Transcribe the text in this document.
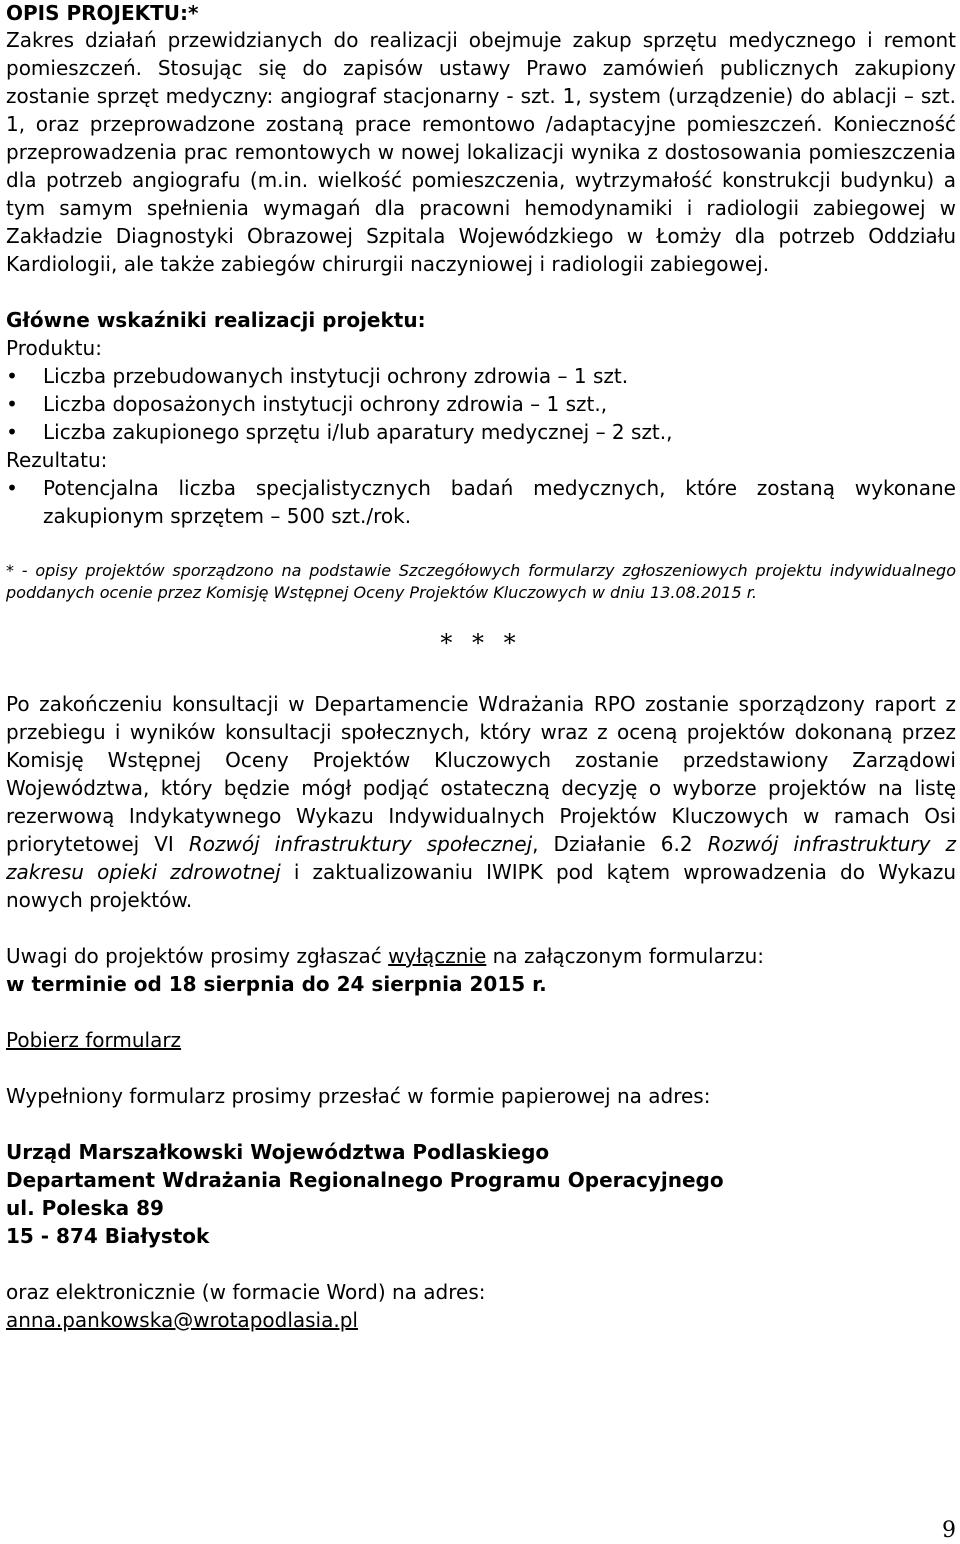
OPIS PROJEKTU:*

Zakres działań przewidzianych do realizacji obejmuje zakup sprzętu medycznego i remont pomieszczeń. Stosując się do zapisów ustawy Prawo zamówień publicznych zakupiony zostanie sprzęt medyczny: angiograf stacjonarny - szt. 1, system (urządzenie) do ablacji – szt. 1, oraz przeprowadzone zostaną prace remontowo /adaptacyjne pomieszczeń. Konieczność przeprowadzenia prac remontowych w nowej lokalizacji wynika z dostosowania pomieszczenia dla potrzeb angiografu (m.in. wielkość pomieszczenia, wytrzymałość konstrukcji budynku) a tym samym spełnienia wymagań dla pracowni hemodynamiki i radiologii zabiegowej w Zakładzie Diagnostyki Obrazowej Szpitala Wojewódzkiego w Łomży dla potrzeb Oddziału Kardiologii, ale także zabiegów chirurgii naczyniowej i radiologii zabiegowej.

Główne wskaźniki realizacji projektu:

Produktu:

• Liczba przebudowanych instytucji ochrony zdrowia – 1 szt.
• Liczba doposażonych instytucji ochrony zdrowia – 1 szt.,
• Liczba zakupionego sprzętu i/lub aparatury medycznej – 2 szt.,

Rezultatu:

• Potencjalna liczba specjalistycznych badań medycznych, które zostaną wykonane zakupionym sprzętem – 500 szt./rok.

* - opisy projektów sporządzono na podstawie Szczegółowych formularzy zgłoszeniowych projektu indywidualnego poddanych ocenie przez Komisję Wstępnej Oceny Projektów Kluczowych w dniu 13.08.2015 r.

* * *

Po zakończeniu konsultacji w Departamencie Wdrażania RPO zostanie sporządzony raport z przebiegu i wyników konsultacji społecznych, który wraz z oceną projektów dokonaną przez Komisję Wstępnej Oceny Projektów Kluczowych zostanie przedstawiony Zarządowi Województwa, który będzie mógł podjąć ostateczną decyzję o wyborze projektów na listę rezerwową Indykatywnego Wykazu Indywidualnych Projektów Kluczowych w ramach Osi priorytetowej VI Rozwój infrastruktury społecznej, Działanie 6.2 Rozwój infrastruktury z zakresu opieki zdrowotnej i zaktualizowaniu IWIPK pod kątem wprowadzenia do Wykazu nowych projektów.

Uwagi do projektów prosimy zgłaszać wyłącznie na załączonym formularzu:

w terminie od 18 sierpnia do 24 sierpnia 2015 r.

Pobierz formularz

Wypełniony formularz prosimy przesłać w formie papierowej na adres:

Urząd Marszałkowski Województwa Podlaskiego

Departament Wdrażania Regionalnego Programu Operacyjnego

ul. Poleska 89

15 - 874 Białystok

oraz elektronicznie (w formacie Word) na adres:

anna.pankowska@wrotapodlasia.pl

9
